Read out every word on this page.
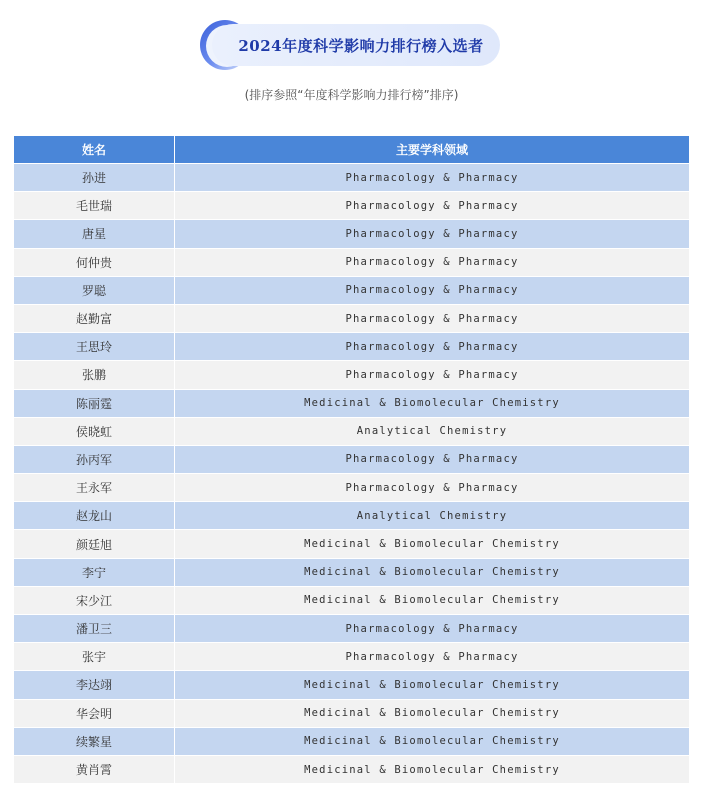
2024年度科学影响力排行榜入选者
(排序参照“年度科学影响力排行榜”排序)
姓名	主要学科领域
孙进	Pharmacology & Pharmacy
毛世瑞	Pharmacology & Pharmacy
唐星	Pharmacology & Pharmacy
何仲贵	Pharmacology & Pharmacy
罗聪	Pharmacology & Pharmacy
赵勤富	Pharmacology & Pharmacy
王思玲	Pharmacology & Pharmacy
张鹏	Pharmacology & Pharmacy
陈丽霆	Medicinal & Biomolecular Chemistry
侯晓虹	Analytical Chemistry
孙丙军	Pharmacology & Pharmacy
王永军	Pharmacology & Pharmacy
赵龙山	Analytical Chemistry
颜廷旭	Medicinal & Biomolecular Chemistry
李宁	Medicinal & Biomolecular Chemistry
宋少江	Medicinal & Biomolecular Chemistry
潘卫三	Pharmacology & Pharmacy
张宇	Pharmacology & Pharmacy
李达翊	Medicinal & Biomolecular Chemistry
华会明	Medicinal & Biomolecular Chemistry
续繁星	Medicinal & Biomolecular Chemistry
黄肖霄	Medicinal & Biomolecular Chemistry
